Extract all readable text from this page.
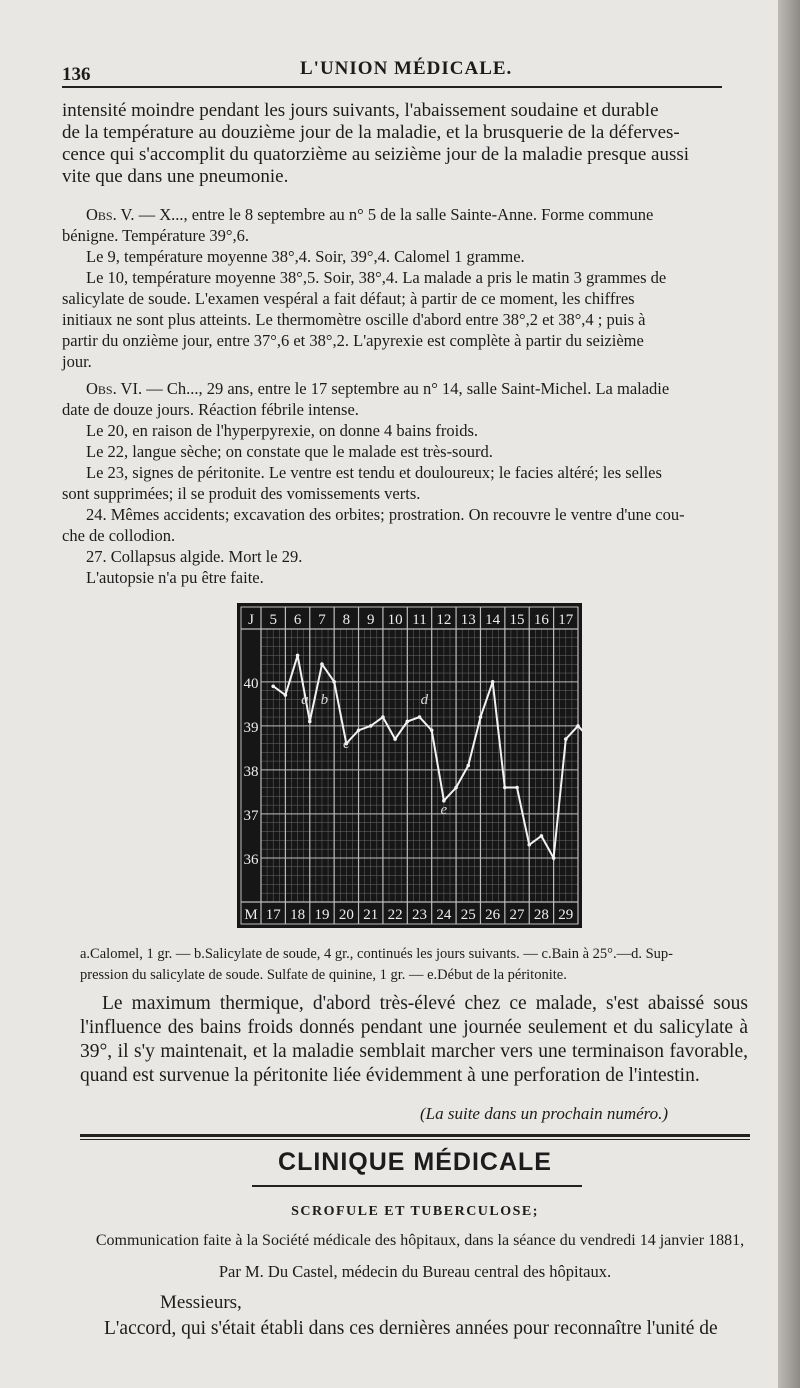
136	L'UNION MÉDICALE.

intensité moindre pendant les jours suivants, l'abaissement soudaine et durable

de la température au douzième jour de la maladie, et la brusquerie de la déferves-

cence qui s'accomplit du quatorzième au seizième jour de la maladie presque aussi

vite que dans une pneumonie.

Obs. V. — X..., entre le 8 septembre au n° 5 de la salle Sainte-Anne. Forme commune

bénigne. Température 39°,6.

Le 9, température moyenne 38°,4. Soir, 39°,4. Calomel 1 gramme.

Le 10, température moyenne 38°,5. Soir, 38°,4. La malade a pris le matin 3 grammes de

salicylate de soude. L'examen vespéral a fait défaut; à partir de ce moment, les chiffres

initiaux ne sont plus atteints. Le thermomètre oscille d'abord entre 38°,2 et 38°,4 ; puis à

partir du onzième jour, entre 37°,6 et 38°,2. L'apyrexie est complète à partir du seizième

jour.

Obs. VI. — Ch..., 29 ans, entre le 17 septembre au n° 14, salle Saint-Michel. La maladie

date de douze jours. Réaction fébrile intense.

Le 20, en raison de l'hyperpyrexie, on donne 4 bains froids.

Le 22, langue sèche; on constate que le malade est très-sourd.

Le 23, signes de péritonite. Le ventre est tendu et douloureux; le facies altéré; les selles

sont supprimées; il se produit des vomissements verts.

24. Mêmes accidents; excavation des orbites; prostration. On recouvre le ventre d'une cou-

che de collodion.

27. Collapsus algide. Mort le 29.

L'autopsie n'a pu être faite.

J
M
5 6 7 8 9 10 11 12 13 14 15 16 17
17 18 19 20 21 22 23 24 25 26 27 28 29
40
39
38
37
36
a b
c
d
e
a.Calomel, 1 gr. — b.Salicylate de soude, 4 gr., continués les jours suivants. — c.Bain à 25°.—d. Sup-
pression du salicylate de soude. Sulfate de quinine, 1 gr. — e.Début de la péritonite.

Le maximum thermique, d'abord très-élevé chez ce malade, s'est abaissé sous l'influence des bains froids donnés pendant une journée seulement et du salicylate à 39°, il s'y maintenait, et la maladie semblait marcher vers une terminaison favorable, quand est survenue la péritonite liée évidemment à une perforation de l'intestin.

(La suite dans un prochain numéro.)
CLINIQUE MÉDICALE
SCROFULE ET TUBERCULOSE;
Communication faite à la Société médicale des hôpitaux, dans la séance du vendredi 14 janvier 1881,
Par M. Du Castel, médecin du Bureau central des hôpitaux.
Messieurs,
L'accord, qui s'était établi dans ces dernières années pour reconnaître l'unité de
